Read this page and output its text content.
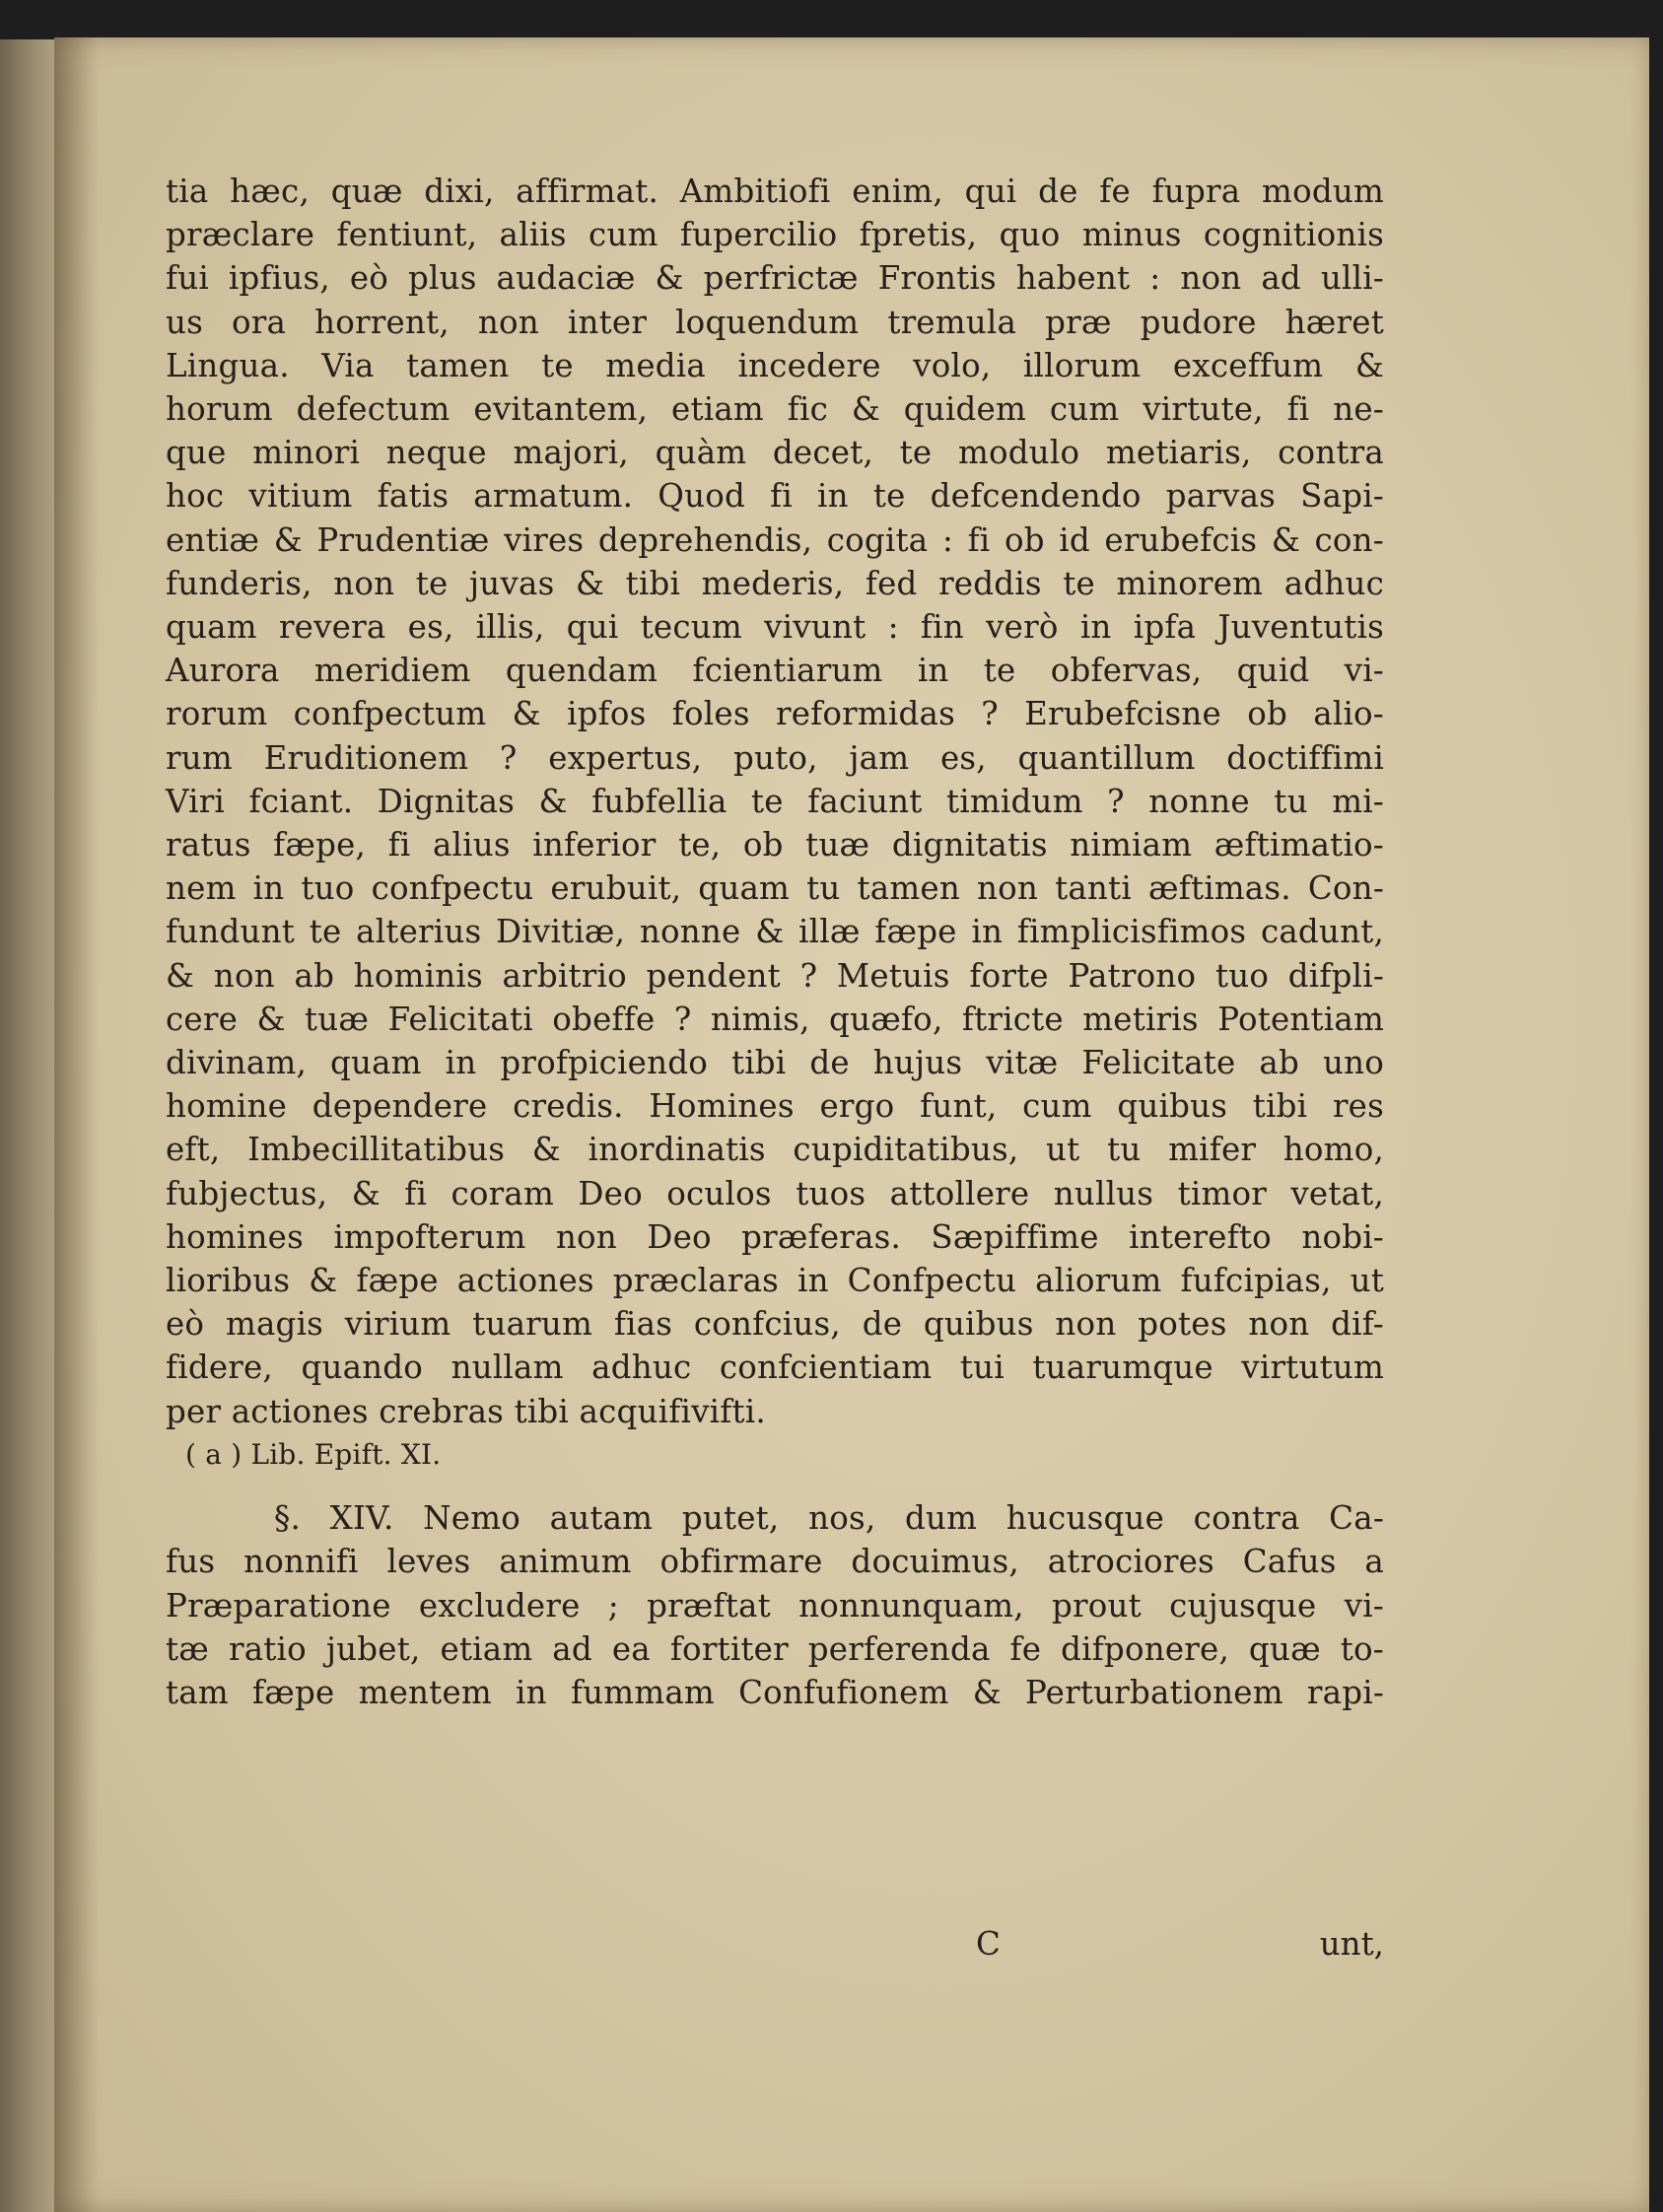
tia hæc, quæ dixi, affirmat. Ambitiofi enim, qui de fe fupra modum
præclare fentiunt, aliis cum fupercilio fpretis, quo minus cognitionis
fui ipfius, eò plus audaciæ & perfrictæ Frontis habent : non ad ulli-
us ora horrent, non inter loquendum tremula præ pudore hæret
Lingua. Via tamen te media incedere volo, illorum exceffum &
horum defectum evitantem, etiam fic & quidem cum virtute, fi ne-
que minori neque majori, quàm decet, te modulo metiaris, contra
hoc vitium fatis armatum. Quod fi in te defcendendo parvas Sapi-
entiæ & Prudentiæ vires deprehendis, cogita : fi ob id erubefcis & con-
funderis, non te juvas & tibi mederis, fed reddis te minorem adhuc
quam revera es, illis, qui tecum vivunt : fin verò in ipfa Juventutis
Aurora meridiem quendam fcientiarum in te obfervas, quid vi-
rorum confpectum & ipfos foles reformidas ? Erubefcisne ob alio-
rum Eruditionem ? expertus, puto, jam es, quantillum doctiffimi
Viri fciant. Dignitas & fubfellia te faciunt timidum ? nonne tu mi-
ratus fæpe, fi alius inferior te, ob tuæ dignitatis nimiam æftimatio-
nem in tuo confpectu erubuit, quam tu tamen non tanti æftimas. Con-
fundunt te alterius Divitiæ, nonne & illæ fæpe in fimplicisfimos cadunt,
& non ab hominis arbitrio pendent ? Metuis forte Patrono tuo difpli-
cere & tuæ Felicitati obeffe ? nimis, quæfo, ftricte metiris Potentiam
divinam, quam in profpiciendo tibi de hujus vitæ Felicitate ab uno
homine dependere credis. Homines ergo funt, cum quibus tibi res
eft, Imbecillitatibus & inordinatis cupiditatibus, ut tu mifer homo,
fubjectus, & fi coram Deo oculos tuos attollere nullus timor vetat,
homines impofterum non Deo præferas. Sæpiffime interefto nobi-
lioribus & fæpe actiones præclaras in Confpectu aliorum fufcipias, ut
eò magis virium tuarum fias confcius, de quibus non potes non dif-
fidere, quando nullam adhuc confcientiam tui tuarumque virtutum
per actiones crebras tibi acquifivifti.
( a ) Lib. Epift. XI.
§. XIV. Nemo autam putet, nos, dum hucusque contra Ca-
fus nonnifi leves animum obfirmare docuimus, atrociores Cafus a
Præparatione excludere ; præftat nonnunquam, prout cujusque vi-
tæ ratio jubet, etiam ad ea fortiter perferenda fe difponere, quæ to-
tam fæpe mentem in fummam Confufionem & Perturbationem rapi-
C	unt,
